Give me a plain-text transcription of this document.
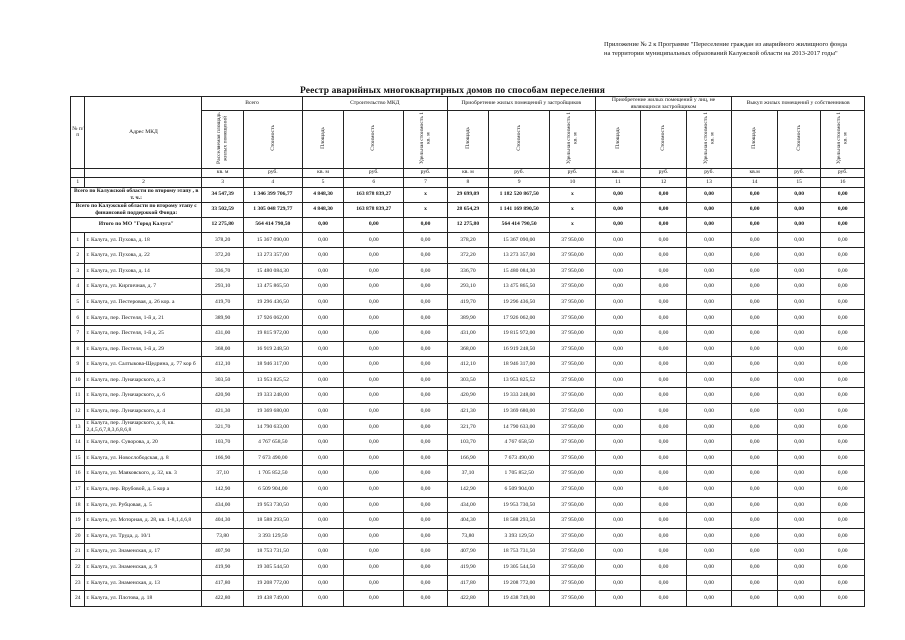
Приложение № 2 к Программе "Переселение граждан из аварийного жилищного фонда на территории муниципальных образований Калужской области на 2013-2017 годы"
Реестр аварийных многоквартирных домов по способам переселения
№ п/п	Адрес МКД	Всего		Строительство МКД			Приобретение жилых помещений у застройщиков			Приобретение жилых помещений у лиц, не являющихся застройщиком			Выкуп жилых помещений у собственников		
		Расселяемая площадь жилых помещений	Стоимость	Площадь	Стоимость	Удельная стоимость 1 кв. м	Площадь	Стоимость	Удельная стоимость 1 кв. м	Площадь	Стоимость	Удельная стоимость 1 кв. м	Площадь	Стоимость	Удельная стоимость 1 кв. м
		кв. м	руб.	кв. м	руб.	руб.	кв. м	руб.	руб.	кв. м	руб.	руб.	кв.м	руб.	руб.
1	2	3	4	5	6	7	8	9	10	11	12	13	14	15	16
Всего по Калужской области по второму этапу , в т. ч.:		34 547,39	1 346 399 706,77	4 848,30	163 878 839,27	х	29 699,09	1 182 520 867,50	х	0,00	0,00	0,00	0,00	0,00	0,00
Всего по Калужской области по второму этапу с финансовой поддержкой Фонда:		33 502,59	1 305 048 729,77	4 848,30	163 878 839,27	х	28 654,29	1 141 169 890,50	х	0,00	0,00	0,00	0,00	0,00	0,00
Итого по МО "Город Калуга"		12 275,80	564 414 790,50	0,00	0,00	0,00	12 275,80	564 414 790,50	х	0,00	0,00	0,00	0,00	0,00	0,00
1	г. Калуга, ул. Пухова, д. 18	378,20	15 367 090,00	0,00	0,00	0,00	378,20	15 367 090,00	37 950,00	0,00	0,00	0,00	0,00	0,00	0,00
2	г. Калуга, ул. Пухова, д. 22	372,20	13 273 357,00	0,00	0,00	0,00	372,20	13 273 357,00	37 950,00	0,00	0,00	0,00	0,00	0,00	0,00
3	г. Калуга, ул. Пухова, д. 14	336,70	15 480 084,30	0,00	0,00	0,00	336,70	15 480 084,30	37 950,00	0,00	0,00	0,00	0,00	0,00	0,00
4	г. Калуга, ул. Кирпичная, д. 7	293,10	13 475 865,50	0,00	0,00	0,00	293,10	13 475 865,50	37 950,00	0,00	0,00	0,00	0,00	0,00	0,00
5	г. Калуга, ул. Пестеровая, д. 26 кор. а	419,70	19 296 436,50	0,00	0,00	0,00	419,70	19 296 436,50	37 950,00	0,00	0,00	0,00	0,00	0,00	0,00
6	г. Калуга, пер. Пестеля, 1-й д. 21	389,90	17 926 062,00	0,00	0,00	0,00	389,90	17 926 062,00	37 950,00	0,00	0,00	0,00	0,00	0,00	0,00
7	г. Калуга, пер. Пестеля, 1-й д. 25	431,00	19 815 972,00	0,00	0,00	0,00	431,00	19 815 972,00	37 950,00	0,00	0,00	0,00	0,00	0,00	0,00
8	г. Калуга, пер. Пестеля, 1-й д. 29	368,00	16 919 248,50	0,00	0,00	0,00	368,00	16 919 248,50	37 950,00	0,00	0,00	0,00	0,00	0,00	0,00
9	г. Калуга, ул. Салтыкова-Щедрина, д. 77 кор б	412,10	18 946 317,00	0,00	0,00	0,00	412,10	18 946 317,00	37 950,00	0,00	0,00	0,00	0,00	0,00	0,00
10	г. Калуга, пер. Луначарского, д. 3	303,50	13 953 825,52	0,00	0,00	0,00	303,50	13 953 825,52	37 950,00	0,00	0,00	0,00	0,00	0,00	0,00
11	г. Калуга, пер. Луначарского, д. 6	420,90	19 333 248,00	0,00	0,00	0,00	420,90	19 333 248,00	37 950,00	0,00	0,00	0,00	0,00	0,00	0,00
12	г. Калуга, пер. Луначарского, д. 4	421,30	19 369 680,00	0,00	0,00	0,00	421,30	19 369 680,00	37 950,00	0,00	0,00	0,00	0,00	0,00	0,00
13	г. Калуга, пер. Луначарского, д. 8, кв. 2,4,5,6,7,8,3,6,8,6,8	321,70	14 790 633,00	0,00	0,00	0,00	321,70	14 790 633,00	37 950,00	0,00	0,00	0,00	0,00	0,00	0,00
14	г. Калуга, пер. Суворова, д. 20	103,70	4 767 658,50	0,00	0,00	0,00	103,70	4 767 658,50	37 950,00	0,00	0,00	0,00	0,00	0,00	0,00
15	г. Калуга, ул. Новослободская, д. 8	166,90	7 673 490,00	0,00	0,00	0,00	166,90	7 673 490,00	37 950,00	0,00	0,00	0,00	0,00	0,00	0,00
16	г. Калуга, ул. Маяковского, д. 32, кв. 3	37,10	1 705 852,50	0,00	0,00	0,00	37,10	1 705 852,50	37 950,00	0,00	0,00	0,00	0,00	0,00	0,00
17	г. Калуга, пер. Врубовой, д. 5 кор а	142,90	6 509 904,00	0,00	0,00	0,00	142,90	6 509 904,00	37 950,00	0,00	0,00	0,00	0,00	0,00	0,00
18	г. Калуга, ул. Рубцовая, д. 5	434,00	19 953 730,50	0,00	0,00	0,00	434,00	19 953 730,50	37 950,00	0,00	0,00	0,00	0,00	0,00	0,00
19	г. Калуга, ул. Моторная, д. 28, кв. 1-8,1,4,6,8	404,30	18 588 293,50	0,00	0,00	0,00	404,30	18 588 293,50	37 950,00	0,00	0,00	0,00	0,00	0,00	0,00
20	г. Калуга, ул. Труда, д. 10/1	73,80	3 393 129,50	0,00	0,00	0,00	73,80	3 393 129,50	37 950,00	0,00	0,00	0,00	0,00	0,00	0,00
21	г. Калуга, ул. Знаменская, д. 17	407,90	18 753 731,50	0,00	0,00	0,00	407,90	18 753 731,50	37 950,00	0,00	0,00	0,00	0,00	0,00	0,00
22	г. Калуга, ул. Знаменская, д. 9	419,90	19 305 544,50	0,00	0,00	0,00	419,90	19 305 544,50	37 950,00	0,00	0,00	0,00	0,00	0,00	0,00
23	г. Калуга, ул. Знаменская, д. 13	417,80	19 208 772,00	0,00	0,00	0,00	417,80	19 208 772,00	37 950,00	0,00	0,00	0,00	0,00	0,00	0,00
24	г. Калуга, ул. Плотова, д. 18	422,80	19 438 749,00	0,00	0,00	0,00	422,80	19 438 749,00	37 950,00	0,00	0,00	0,00	0,00	0,00	0,00
